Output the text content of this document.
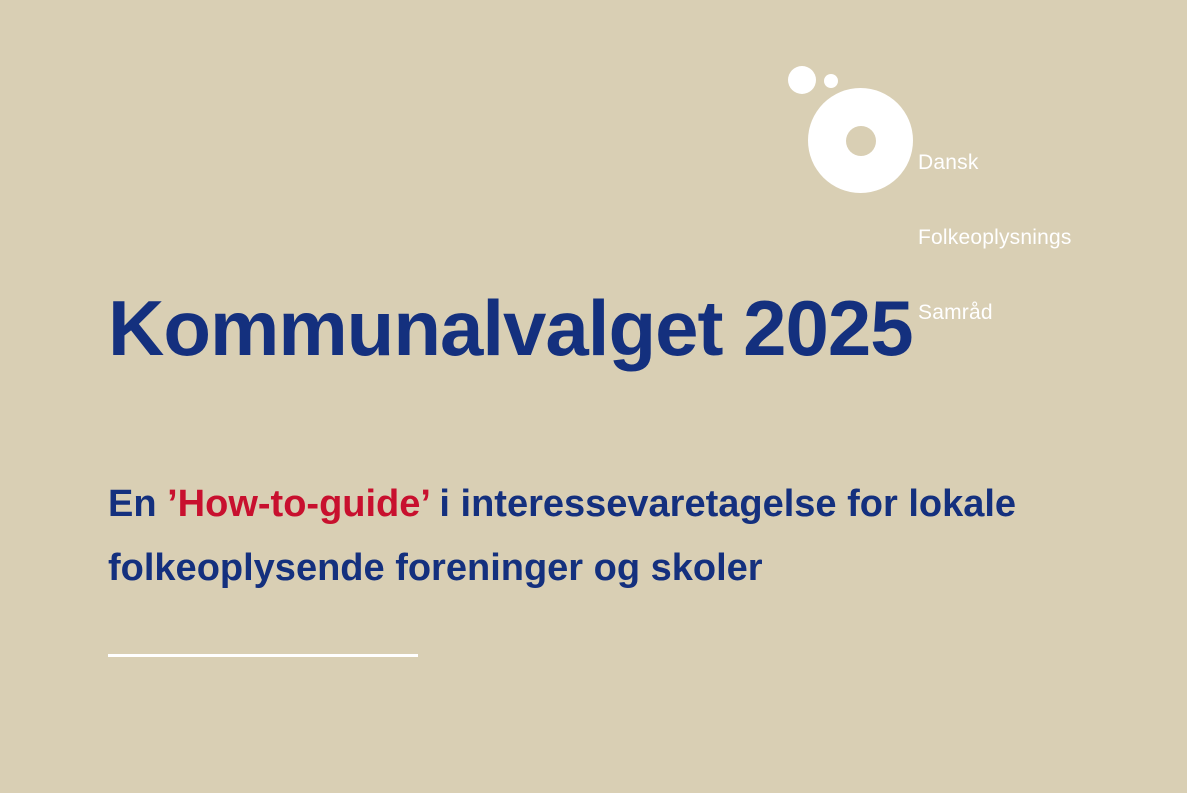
Dansk

Folkeoplysnings

Samråd

Kommunalvalget 2025
En ’How-to-guide’ i interessevaretagelse for lokale folkeoplysende foreninger og skoler
